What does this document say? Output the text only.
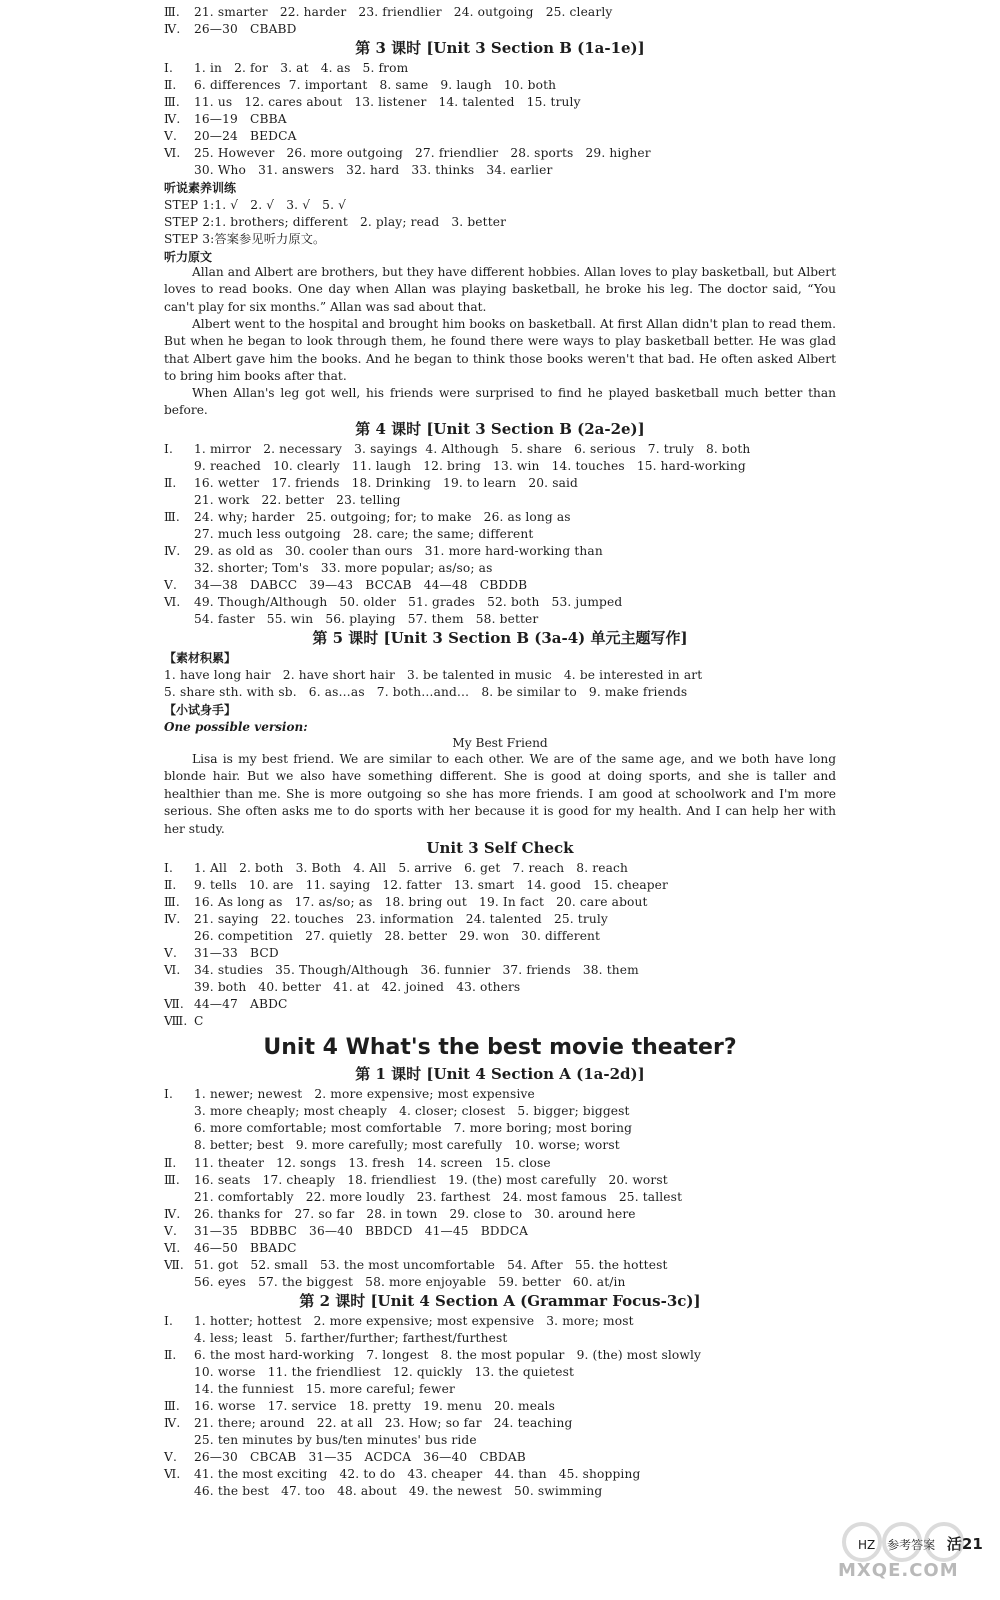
Ⅲ. 21. smarter   22. harder   23. friendlier   24. outgoing   25. clearly
Ⅳ. 26—30   CBABD
第 3 课时 [Unit 3 Section B (1a-1e)]
Ⅰ. 1. in   2. for   3. at   4. as   5. from
Ⅱ. 6. differences  7. important   8. same   9. laugh   10. both
Ⅲ. 11. us   12. cares about   13. listener   14. talented   15. truly
Ⅳ. 16—19   CBBA
Ⅴ. 20—24   BEDCA
Ⅵ. 25. However   26. more outgoing   27. friendlier   28. sports   29. higher
30. Who   31. answers   32. hard   33. thinks   34. earlier
听说素养训练
STEP 1:1. √   2. √   3. √   5. √
STEP 2:1. brothers; different   2. play; read   3. better
STEP 3:答案参见听力原文。
听力原文

Allan and Albert are brothers, but they have different hobbies. Allan loves to play basketball, but Albert loves to read books. One day when Allan was playing basketball, he broke his leg. The doctor said, “You can't play for six months.” Allan was sad about that.

Albert went to the hospital and brought him books on basketball. At first Allan didn't plan to read them. But when he began to look through them, he found there were ways to play basketball better. He was glad that Albert gave him the books. And he began to think those books weren't that bad. He often asked Albert to bring him books after that.

When Allan's leg got well, his friends were surprised to find he played basketball much better than before.

第 4 课时 [Unit 3 Section B (2a-2e)]
Ⅰ. 1. mirror   2. necessary   3. sayings  4. Although   5. share   6. serious   7. truly   8. both
9. reached   10. clearly   11. laugh   12. bring   13. win   14. touches   15. hard-working
Ⅱ. 16. wetter   17. friends   18. Drinking   19. to learn   20. said
21. work   22. better   23. telling
Ⅲ. 24. why; harder   25. outgoing; for; to make   26. as long as
27. much less outgoing   28. care; the same; different
Ⅳ. 29. as old as   30. cooler than ours   31. more hard-working than
32. shorter; Tom's   33. more popular; as/so; as
Ⅴ. 34—38   DABCC   39—43   BCCAB   44—48   CBDDB
Ⅵ. 49. Though/Although   50. older   51. grades   52. both   53. jumped
54. faster   55. win   56. playing   57. them   58. better
第 5 课时 [Unit 3 Section B (3a-4) 单元主题写作]
【素材积累】
1. have long hair   2. have short hair   3. be talented in music   4. be interested in art
5. share sth. with sb.   6. as…as   7. both…and…   8. be similar to   9. make friends
【小试身手】
One possible version:
My Best Friend

Lisa is my best friend. We are similar to each other. We are of the same age, and we both have long blonde hair. But we also have something different. She is good at doing sports, and she is taller and healthier than me. She is more outgoing so she has more friends. I am good at schoolwork and I'm more serious. She often asks me to do sports with her because it is good for my health. And I can help her with her study.

Unit 3 Self Check
Ⅰ. 1. All   2. both   3. Both   4. All   5. arrive   6. get   7. reach   8. reach
Ⅱ. 9. tells   10. are   11. saying   12. fatter   13. smart   14. good   15. cheaper
Ⅲ. 16. As long as   17. as/so; as   18. bring out   19. In fact   20. care about
Ⅳ. 21. saying   22. touches   23. information   24. talented   25. truly
26. competition   27. quietly   28. better   29. won   30. different
Ⅴ. 31—33   BCD
Ⅵ. 34. studies   35. Though/Although   36. funnier   37. friends   38. them
39. both   40. better   41. at   42. joined   43. others
Ⅶ. 44—47   ABDC
Ⅷ. C
Unit 4 What's the best movie theater?
第 1 课时 [Unit 4 Section A (1a-2d)]
Ⅰ. 1. newer; newest   2. more expensive; most expensive
3. more cheaply; most cheaply   4. closer; closest   5. bigger; biggest
6. more comfortable; most comfortable   7. more boring; most boring
8. better; best   9. more carefully; most carefully   10. worse; worst
Ⅱ. 11. theater   12. songs   13. fresh   14. screen   15. close
Ⅲ. 16. seats   17. cheaply   18. friendliest   19. (the) most carefully   20. worst
21. comfortably   22. more loudly   23. farthest   24. most famous   25. tallest
Ⅳ. 26. thanks for   27. so far   28. in town   29. close to   30. around here
Ⅴ. 31—35   BDBBC   36—40   BBDCD   41—45   BDDCA
Ⅵ. 46—50   BBADC
Ⅶ. 51. got   52. small   53. the most uncomfortable   54. After   55. the hottest
56. eyes   57. the biggest   58. more enjoyable   59. better   60. at/in
第 2 课时 [Unit 4 Section A (Grammar Focus-3c)]
Ⅰ. 1. hotter; hottest   2. more expensive; most expensive   3. more; most
4. less; least   5. farther/further; farthest/furthest
Ⅱ. 6. the most hard-working   7. longest   8. the most popular   9. (the) most slowly
10. worse   11. the friendliest   12. quickly   13. the quietest
14. the funniest   15. more careful; fewer
Ⅲ. 16. worse   17. service   18. pretty   19. menu   20. meals
Ⅳ. 21. there; around   22. at all   23. How; so far   24. teaching
25. ten minutes by bus/ten minutes' bus ride
Ⅴ. 26—30   CBCAB   31—35   ACDCA   36—40   CBDAB
Ⅵ. 41. the most exciting   42. to do   43. cheaper   44. than   45. shopping
46. the best   47. too   48. about   49. the newest   50. swimming
HZ 参考答案 活21
MXQE.COM
